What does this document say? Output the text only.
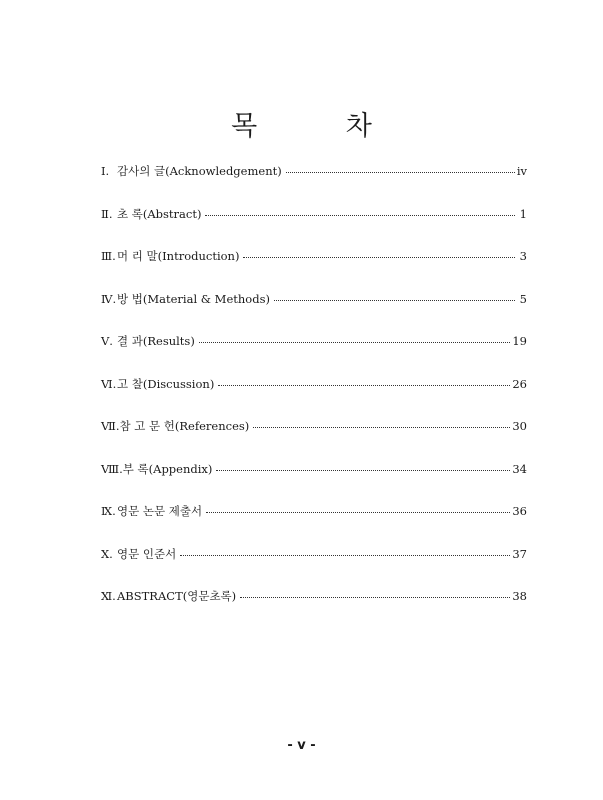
목 차
Ⅰ. 감사의 글(Acknowledgement)	iv
Ⅱ. 초 록(Abstract)	1
Ⅲ. 머 리 말(Introduction)	3
Ⅳ. 방 법(Material & Methods)	5
Ⅴ. 결 과(Results)	19
Ⅵ. 고 찰(Discussion)	26
Ⅶ. 참 고 문 헌(References)	30
Ⅷ. 부 록(Appendix)	34
Ⅸ. 영문 논문 제출서	36
Ⅹ. 영문 인준서	37
Ⅺ. ABSTRACT(영문초록)	38
- v -
